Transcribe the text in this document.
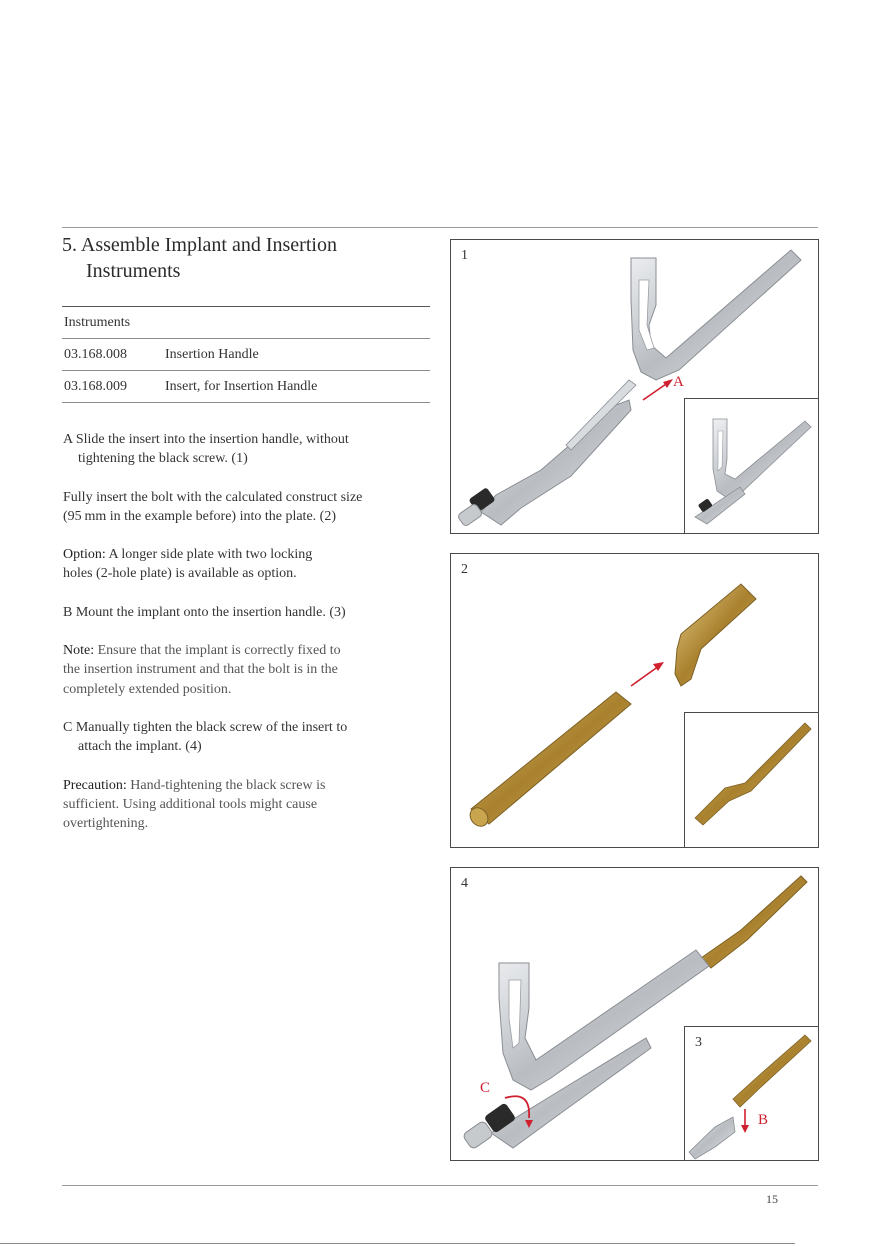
5. Assemble Implant and Insertion
Instruments
Instruments
03.168.008	Insertion Handle
03.168.009	Insert, for Insertion Handle

A Slide the insert into the insertion handle, without

tightening the black screw. (1)

Fully insert the bolt with the calculated construct size
(95 mm in the example before) into the plate. (2)

Option: A longer side plate with two locking
holes (2-hole plate) is available as option.

B Mount the implant onto the insertion handle. (3)

Note: Ensure that the implant is correctly fixed to
the insertion instrument and that the bolt is in the
completely extended position.

C Manually tighten the black screw of the insert to

attach the implant. (4)

Precaution: Hand-tightening the black screw is
sufficient. Using additional tools might cause
overtightening.

1
A
2
4
C
3
B
15
